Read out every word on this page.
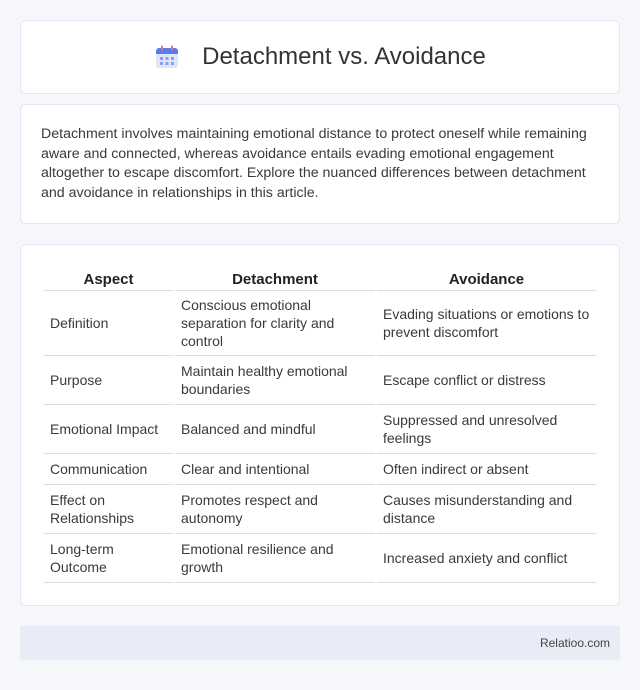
Detachment vs. Avoidance

Detachment involves maintaining emotional distance to protect oneself while remaining aware and connected, whereas avoidance entails evading emotional engagement altogether to escape discomfort. Explore the nuanced differences between detachment and avoidance in relationships in this article.

Aspect	Detachment	Avoidance
Definition	Conscious emotional separation for clarity and control	Evading situations or emotions to prevent discomfort
Purpose	Maintain healthy emotional boundaries	Escape conflict or distress
Emotional Impact	Balanced and mindful	Suppressed and unresolved feelings
Communication	Clear and intentional	Often indirect or absent
Effect on Relationships	Promotes respect and autonomy	Causes misunderstanding and distance
Long-term Outcome	Emotional resilience and growth	Increased anxiety and conflict
Relatioo.com
